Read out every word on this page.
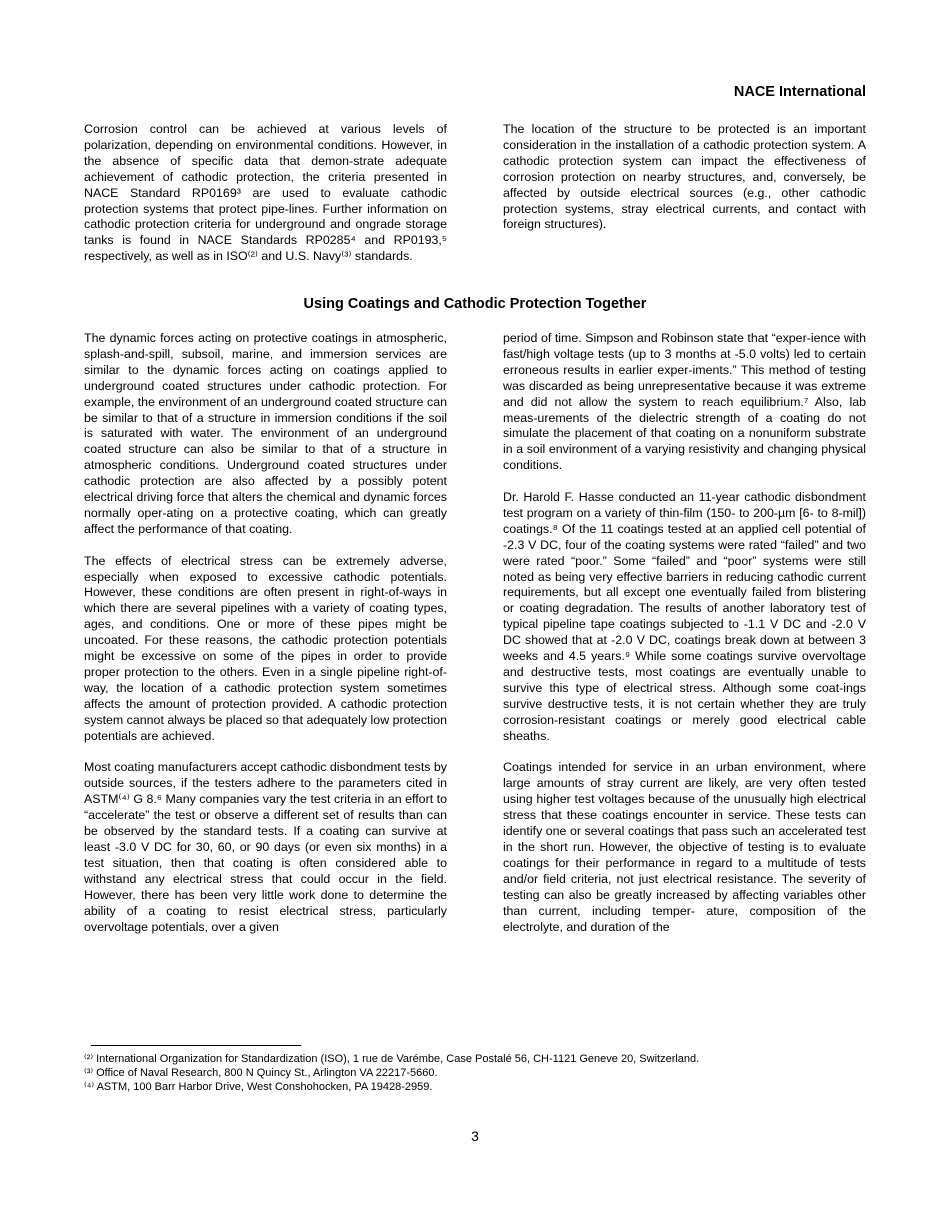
NACE International

Corrosion control can be achieved at various levels of polarization, depending on environmental conditions. However, in the absence of specific data that demon-strate adequate achievement of cathodic protection, the criteria presented in NACE Standard RP0169³ are used to evaluate cathodic protection systems that protect pipe-lines. Further information on cathodic protection criteria for underground and ongrade storage tanks is found in NACE Standards RP0285⁴ and RP0193,⁵ respectively, as well as in ISO⁽²⁾ and U.S. Navy⁽³⁾ standards.

The location of the structure to be protected is an important consideration in the installation of a cathodic protection system. A cathodic protection system can impact the effectiveness of corrosion protection on nearby structures, and, conversely, be affected by outside electrical sources (e.g., other cathodic protection systems, stray electrical currents, and contact with foreign structures).

Using Coatings and Cathodic Protection Together

The dynamic forces acting on protective coatings in atmospheric, splash-and-spill, subsoil, marine, and immersion services are similar to the dynamic forces acting on coatings applied to underground coated structures under cathodic protection. For example, the environment of an underground coated structure can be similar to that of a structure in immersion conditions if the soil is saturated with water. The environment of an underground coated structure can also be similar to that of a structure in atmospheric conditions. Underground coated structures under cathodic protection are also affected by a possibly potent electrical driving force that alters the chemical and dynamic forces normally oper-ating on a protective coating, which can greatly affect the performance of that coating.

The effects of electrical stress can be extremely adverse, especially when exposed to excessive cathodic potentials. However, these conditions are often present in right-of-ways in which there are several pipelines with a variety of coating types, ages, and conditions. One or more of these pipes might be uncoated. For these reasons, the cathodic protection potentials might be excessive on some of the pipes in order to provide proper protection to the others. Even in a single pipeline right-of-way, the location of a cathodic protection system sometimes affects the amount of protection provided. A cathodic protection system cannot always be placed so that adequately low protection potentials are achieved.

Most coating manufacturers accept cathodic disbondment tests by outside sources, if the testers adhere to the parameters cited in ASTM⁽⁴⁾ G 8.⁶ Many companies vary the test criteria in an effort to “accelerate” the test or observe a different set of results than can be observed by the standard tests. If a coating can survive at least -3.0 V DC for 30, 60, or 90 days (or even six months) in a test situation, then that coating is often considered able to withstand any electrical stress that could occur in the field. However, there has been very little work done to determine the ability of a coating to resist electrical stress, particularly overvoltage potentials, over a given

period of time. Simpson and Robinson state that “exper-ience with fast/high voltage tests (up to 3 months at -5.0 volts) led to certain erroneous results in earlier exper-iments.” This method of testing was discarded as being unrepresentative because it was extreme and did not allow the system to reach equilibrium.⁷ Also, lab meas-urements of the dielectric strength of a coating do not simulate the placement of that coating on a nonuniform substrate in a soil environment of a varying resistivity and changing physical conditions.

Dr. Harold F. Hasse conducted an 11-year cathodic disbondment test program on a variety of thin-film (150- to 200-µm [6- to 8-mil]) coatings.⁸ Of the 11 coatings tested at an applied cell potential of -2.3 V DC, four of the coating systems were rated “failed” and two were rated “poor.” Some “failed” and “poor” systems were still noted as being very effective barriers in reducing cathodic current requirements, but all except one eventually failed from blistering or coating degradation. The results of another laboratory test of typical pipeline tape coatings subjected to -1.1 V DC and -2.0 V DC showed that at -2.0 V DC, coatings break down at between 3 weeks and 4.5 years.⁹ While some coatings survive overvoltage and destructive tests, most coatings are eventually unable to survive this type of electrical stress. Although some coat-ings survive destructive tests, it is not certain whether they are truly corrosion-resistant coatings or merely good electrical cable sheaths.

Coatings intended for service in an urban environment, where large amounts of stray current are likely, are very often tested using higher test voltages because of the unusually high electrical stress that these coatings encounter in service. These tests can identify one or several coatings that pass such an accelerated test in the short run. However, the objective of testing is to evaluate coatings for their performance in regard to a multitude of tests and/or field criteria, not just electrical resistance. The severity of testing can also be greatly increased by affecting variables other than current, including temper- ature, composition of the electrolyte, and duration of the

⁽²⁾ International Organization for Standardization (ISO), 1 rue de Varémbe, Case Postalé 56, CH-1121 Geneve 20, Switzerland.
⁽³⁾ Office of Naval Research, 800 N Quincy St., Arlington VA 22217-5660.
⁽⁴⁾ ASTM, 100 Barr Harbor Drive, West Conshohocken, PA 19428-2959.
3
